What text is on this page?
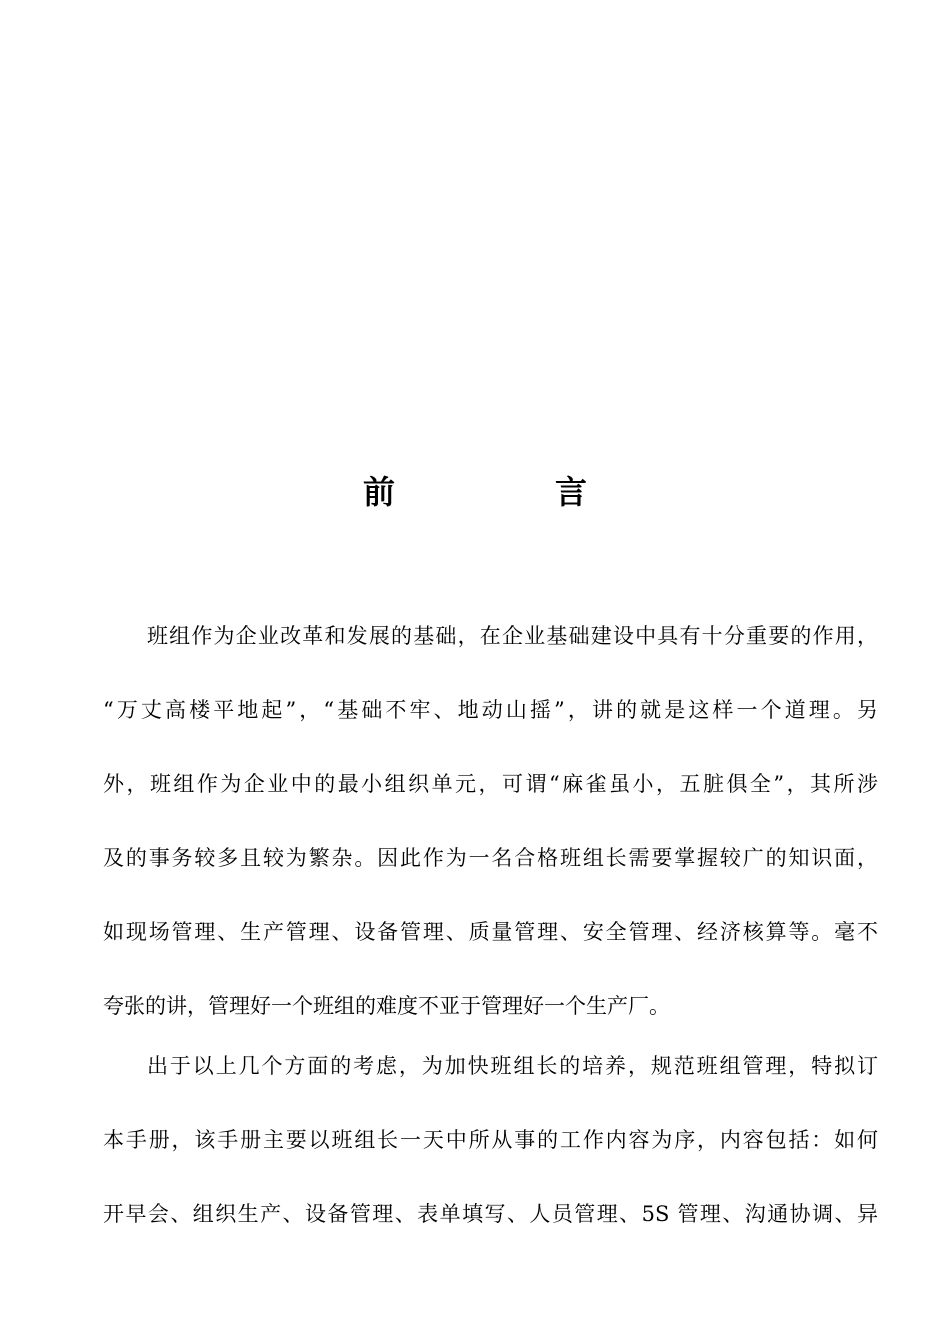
前　言
班组作为企业改革和发展的基础，在企业基础建设中具有十分重要的作用，
“万丈高楼平地起”，“基础不牢、地动山摇”，讲的就是这样一个道理。另
外，班组作为企业中的最小组织单元，可谓“麻雀虽小，五脏俱全”，其所涉
及的事务较多且较为繁杂。因此作为一名合格班组长需要掌握较广的知识面，
如现场管理、生产管理、设备管理、质量管理、安全管理、经济核算等。毫不
夸张的讲，管理好一个班组的难度不亚于管理好一个生产厂。
出于以上几个方面的考虑，为加快班组长的培养，规范班组管理，特拟订
本手册，该手册主要以班组长一天中所从事的工作内容为序，内容包括：如何
开早会、组织生产、设备管理、表单填写、人员管理、5S 管理、沟通协调、异
